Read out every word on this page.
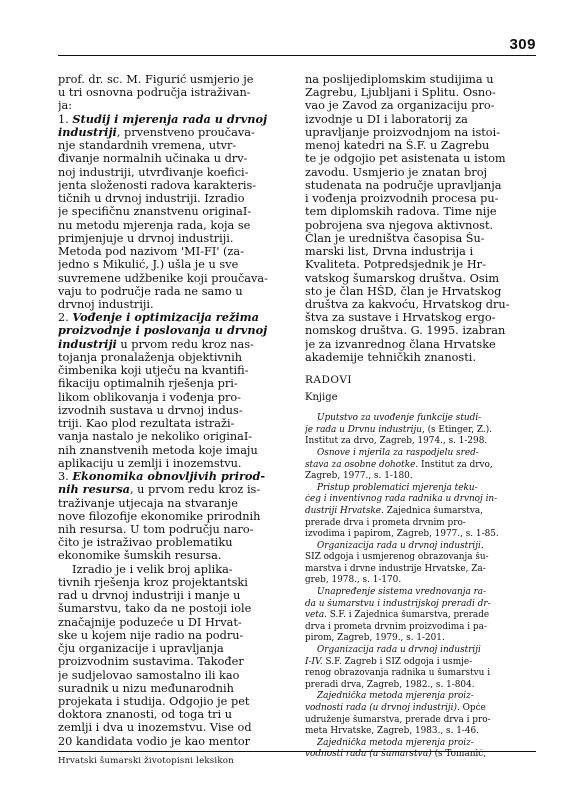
309
prof. dr. sc. M. Figurić usmjerio je
u tri osnovna područja istraživan-
ja:
1. Studij i mjerenja rada u drvnoj
industriji, prvenstveno proučava-
nje standardnih vremena, utvr-
đivanje normalnih učinaka u drv-
noj industriji, utvrđivanje koefici-
jenta složenosti radova karakteris-
tičnih u drvnoj industriji. Izradio
je specifičnu znanstvenu originaI-
nu metodu mjerenja rada, koja se
primjenjuje u drvnoj industriji.
Metoda pod nazivom 'MI-FI' (za-
jedno s Mikulić, J.) ušla je u sve
suvremene udžbenike koji proučava-
vaju to područje rada ne samo u
drvnoj industriji.
2. Vođenje i optimizacija režima
proizvodnje i poslovanja u drvnoj
industriji u prvom redu kroz nas-
tojanja pronalaženja objektivnih
čimbenika koji utječu na kvantifi-
fikaciju optimalnih rješenja pri-
likom oblikovanja i vođenja pro-
izvodnih sustava u drvnoj indus-
triji. Kao plod rezultata istraži-
vanja nastalo je nekoliko originaI-
nih znanstvenih metoda koje imaju
aplikaciju u zemlji i inozemstvu.
3. Ekonomika obnovljivih prirod-
nih resursa, u prvom redu kroz is-
traživanje utjecaja na stvaranje
nove filozofije ekonomike prirodnih
nih resursa. U tom području naro-
čito je istraživao problematiku
ekonomike šumskih resursa.
Izradio je i velik broj aplika-
tivnih rješenja kroz projektantski
rad u drvnoj industriji i manje u
šumarstvu, tako da ne postoji iole
značajnije poduzeće u DI Hrvat-
ske u kojem nije radio na podru-
čju organizacije i upravljanja
proizvodnim sustavima. Također
je sudjelovao samostalno ili kao
suradnik u nizu međunarodnih
projekata i studija. Odgojio je pet
doktora znanosti, od toga tri u
zemlji i dva u inozemstvu. Vise od
20 kandidata vodio je kao mentor
na poslijediplomskim studijima u
Zagrebu, Ljubljani i Splitu. Osno-
vao je Zavod za organizaciju pro-
izvodnje u DI i laboratorij za
upravljanje proizvodnjom na istoi-
menoj katedri na Š.F. u Zagrebu
te je odgojio pet asistenata u istom
zavodu. Usmjerio je znatan broj
studenata na područje upravljanja
i vođenja proizvodnih procesa pu-
tem diplomskih radova. Time nije
pobrojena sva njegova aktivnost.
Član je uredništva časopisa Šu-
marski list, Drvna industrija i
Kvaliteta. Potpredsjednik je Hr-
vatskog šumarskog društva. Osim
sto je član HŠD, član je Hrvatskog
društva za kakvoću, Hrvatskog dru-
štva za sustave i Hrvatskog ergo-
nomskog društva. G. 1995. izabran
je za izvanrednog člana Hrvatske
akademije tehničkih znanosti.
RADOVI
Knjige
Uputstvo za uvođenje funkcije studi-
je rada u Drvnu industriju, (s Etinger, Z.).
Institut za drvo, Zagreb, 1974., s. 1-298.
Osnove i mjerila za raspodjelu sred-
stava za osobne dohotke. Institut za drvo,
Zagreb, 1977., s. 1-180.
Pristup problematici mjerenja teku-
ćeg i inventivnog rada radnika u drvnoj in-
dustriji Hrvatske. Zajednica šumarstva,
prerade drva i prometa drvnim pro-
izvodima i papirom, Zagreb, 1977., s. 1-85.
Organizacija rada u drvnoj industriji.
SIZ odgoja i usmjerenog obrazovanja šu-
marstva i drvne industrije Hrvatske, Za-
greb, 1978., s. 1-170.
Unapređenje sistema vrednovanja ra-
da u šumarstvu i industrijskoj preradi dr-
veta. Š.F. i Zajednica šumarstva, prerade
drva i prometa drvnim proizvodima i pa-
pirom, Zagreb, 1979., s. 1-201.
Organizacija rada u drvnoj industriji
I-IV. Š.F. Zagreb i SIZ odgoja i usmje-
renog obrazovanja radnika u šumarstvu i
preradi drva, Zagreb, 1982., s. 1-804.
Zajednička metoda mjerenja proiz-
vodnosti rada (u drvnoj industriji). Opće
udruženje šumarstva, prerade drva i pro-
meta Hrvatske, Zagreb, 1983., s. 1-46.
Zajednička metoda mjerenja proiz-
vodnosti rada (u šumarstvu) (s Tomanić,
Hrvatski šumarski životopisni leksikon
